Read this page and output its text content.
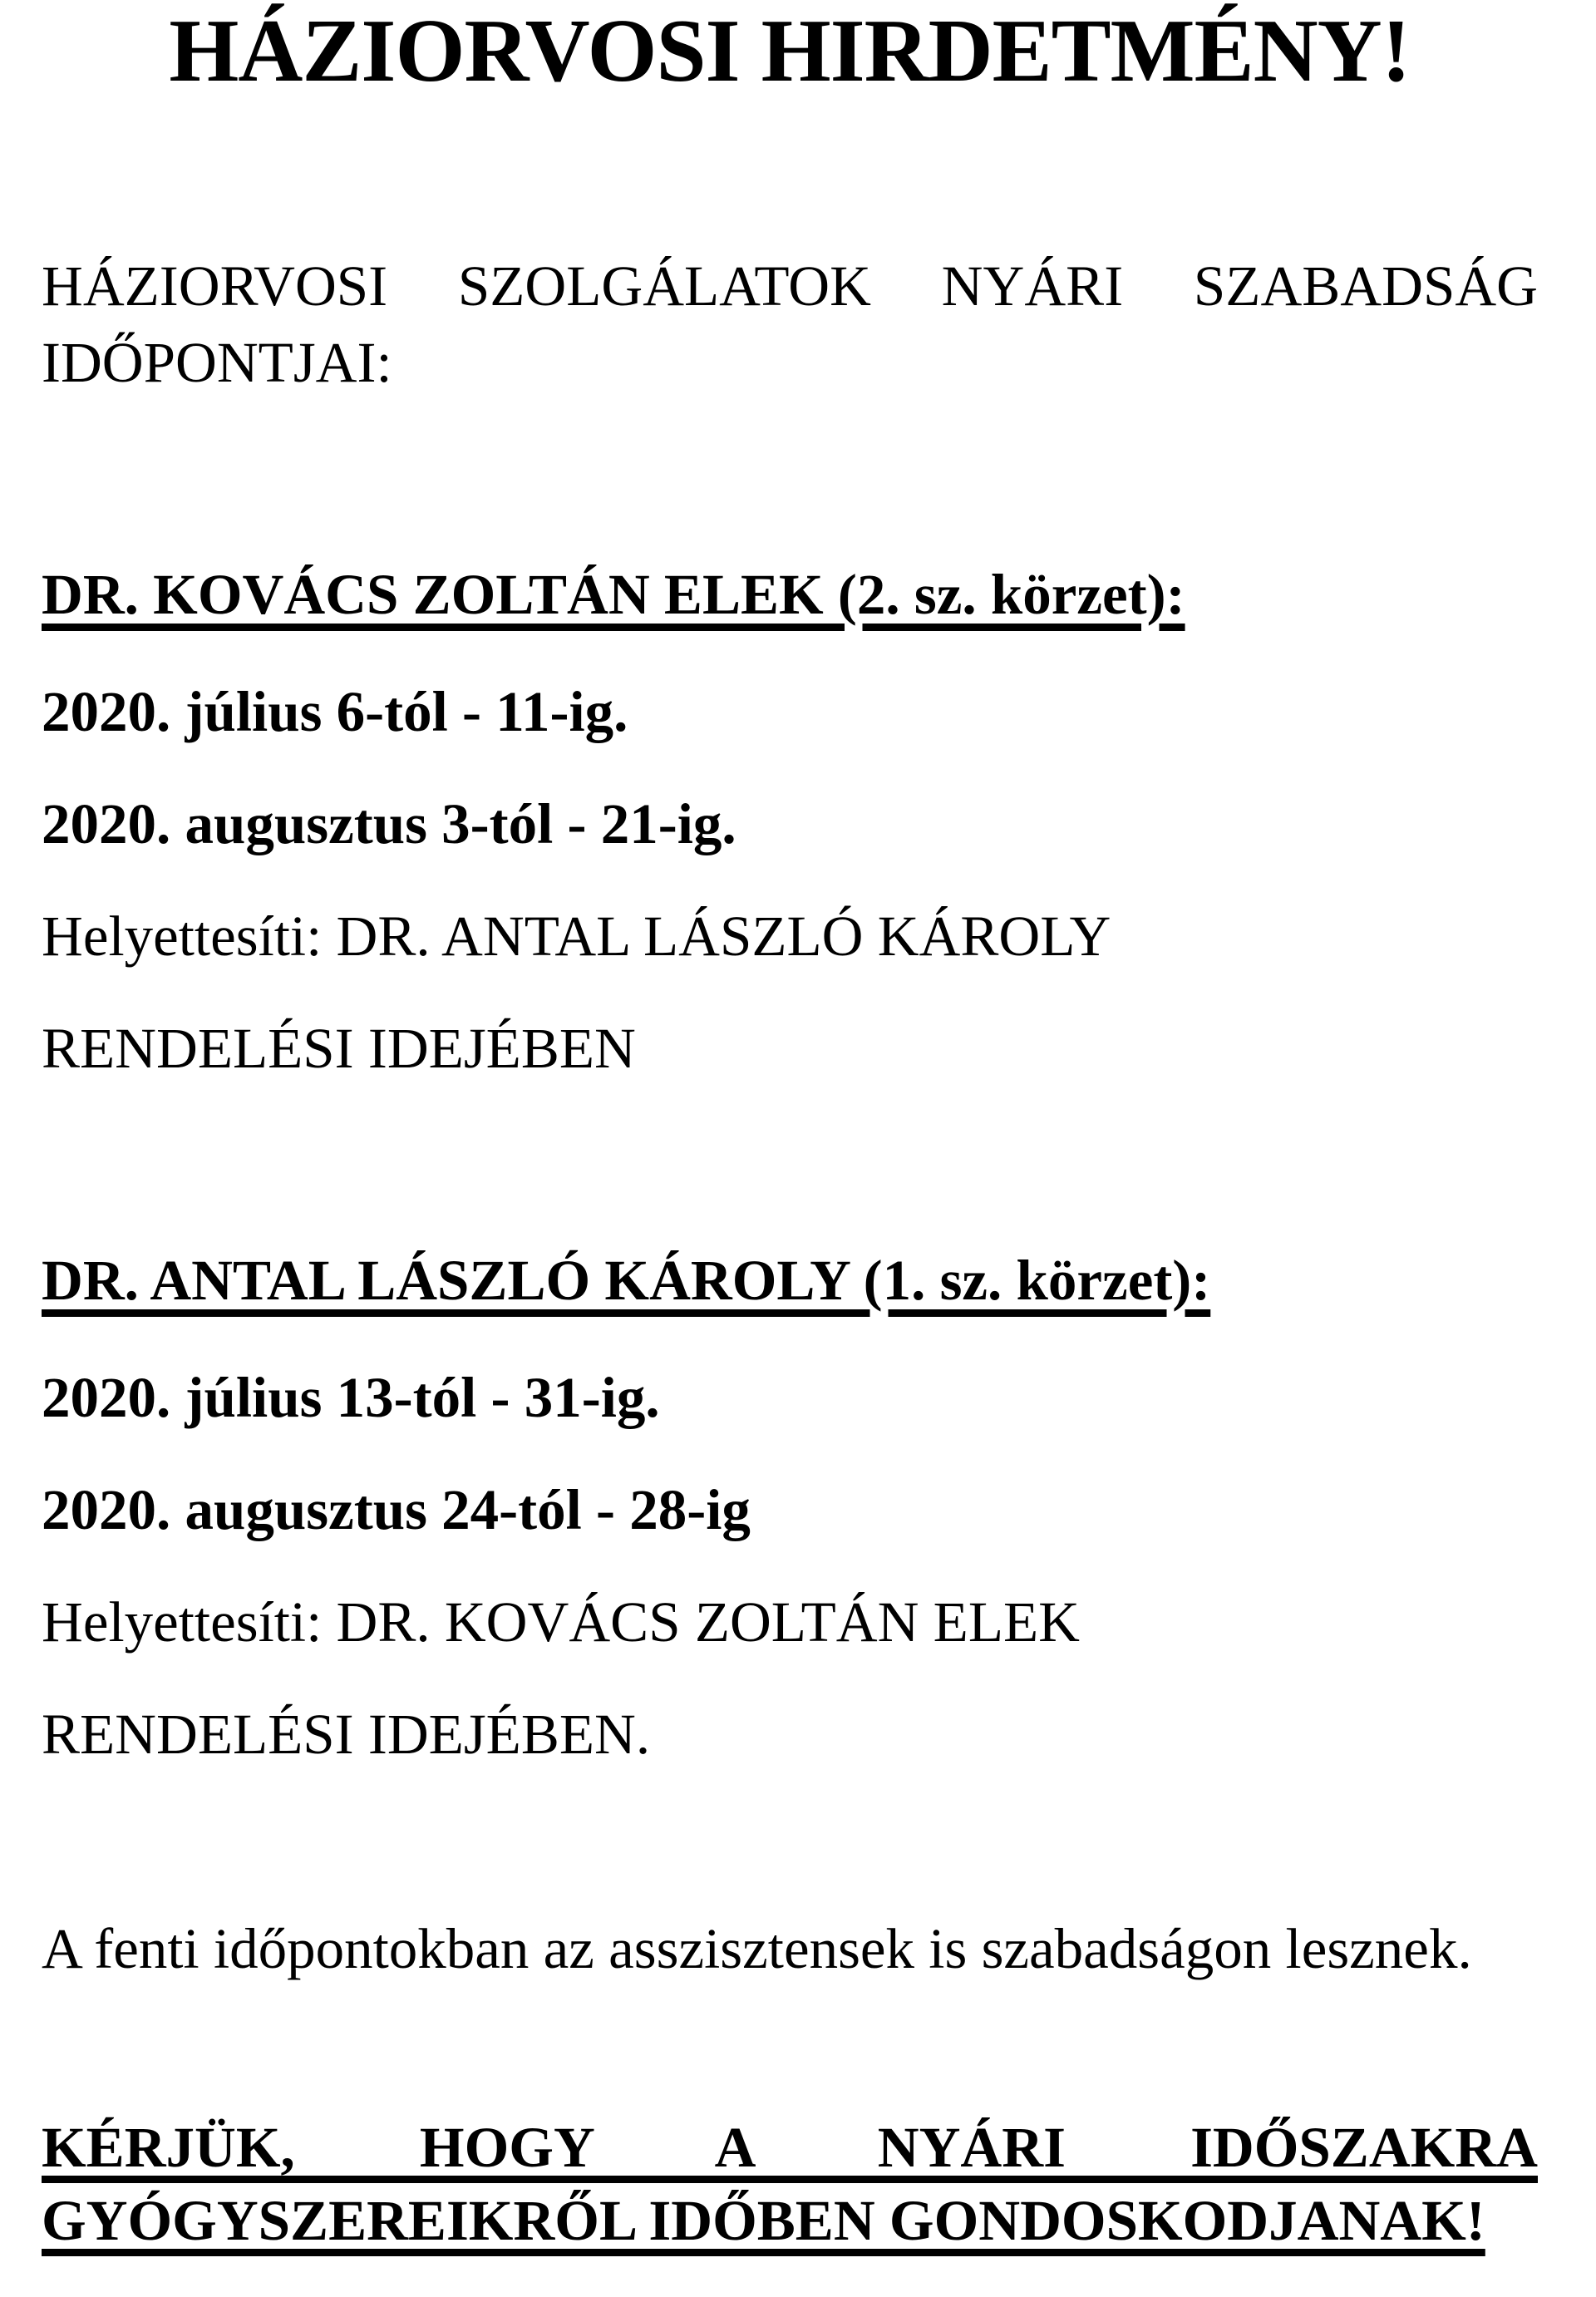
HÁZIORVOSI HIRDETMÉNY!
HÁZIORVOSI SZOLGÁLATOK NYÁRI SZABADSÁG
IDŐPONTJAI:
DR. KOVÁCS ZOLTÁN ELEK (2. sz. körzet):
2020. július 6-tól - 11-ig.
2020. augusztus 3-tól - 21-ig.
Helyettesíti: DR. ANTAL LÁSZLÓ KÁROLY
RENDELÉSI IDEJÉBEN
DR. ANTAL LÁSZLÓ KÁROLY (1. sz. körzet):
2020. július 13-tól - 31-ig.
2020. augusztus 24-tól - 28-ig
Helyettesíti: DR. KOVÁCS ZOLTÁN ELEK
RENDELÉSI IDEJÉBEN.
A fenti időpontokban az asszisztensek is szabadságon lesznek.
KÉRJÜK, HOGY A NYÁRI IDŐSZAKRA
GYÓGYSZEREIKRŐL IDŐBEN GONDOSKODJANAK!
